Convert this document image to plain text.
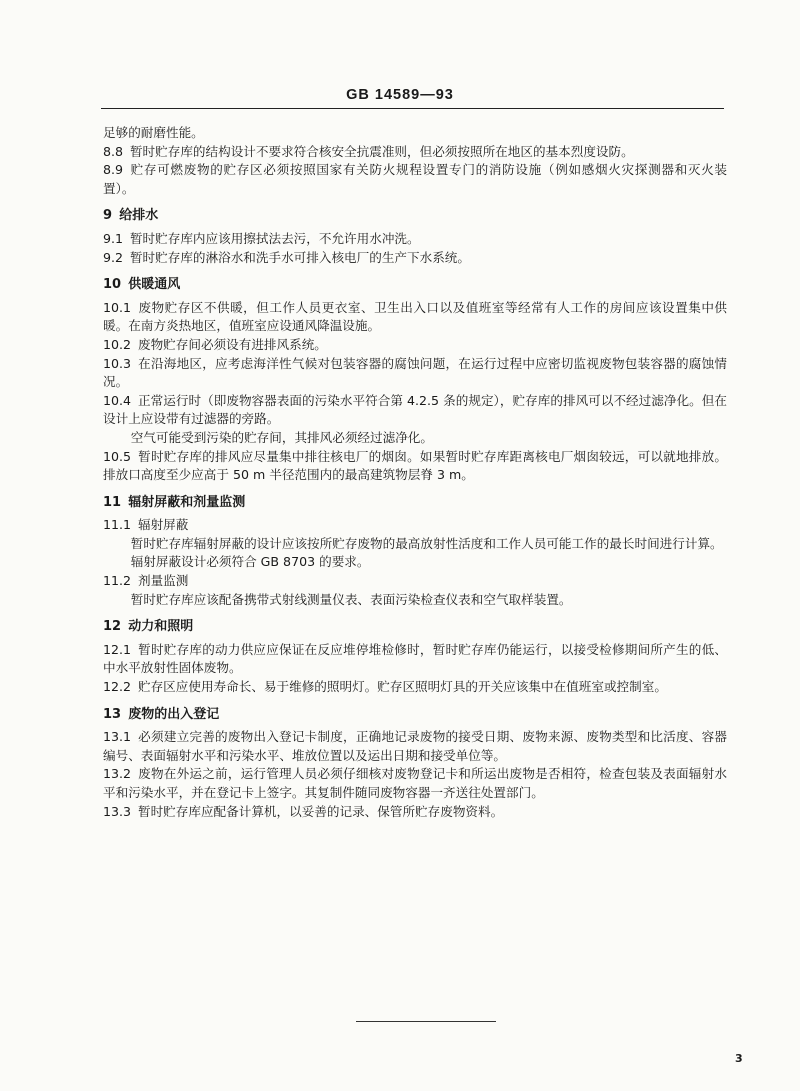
GB 14589—93
足够的耐磨性能。
8.8 暂时贮存库的结构设计不要求符合核安全抗震准则，但必须按照所在地区的基本烈度设防。
8.9 贮存可燃废物的贮存区必须按照国家有关防火规程设置专门的消防设施（例如感烟火灾探测器和灭火装置）。
9 给排水
9.1 暂时贮存库内应该用擦拭法去污，不允许用水冲洗。
9.2 暂时贮存库的淋浴水和洗手水可排入核电厂的生产下水系统。
10 供暖通风
10.1 废物贮存区不供暖，但工作人员更衣室、卫生出入口以及值班室等经常有人工作的房间应该设置集中供暖。在南方炎热地区，值班室应设通风降温设施。
10.2 废物贮存间必须设有进排风系统。
10.3 在沿海地区，应考虑海洋性气候对包装容器的腐蚀问题，在运行过程中应密切监视废物包装容器的腐蚀情况。
10.4 正常运行时（即废物容器表面的污染水平符合第 4.2.5 条的规定），贮存库的排风可以不经过滤净化。但在设计上应设带有过滤器的旁路。
空气可能受到污染的贮存间，其排风必须经过滤净化。
10.5 暂时贮存库的排风应尽量集中排往核电厂的烟囱。如果暂时贮存库距离核电厂烟囱较远，可以就地排放。排放口高度至少应高于 50 m 半径范围内的最高建筑物层脊 3 m。
11 辐射屏蔽和剂量监测
11.1 辐射屏蔽
暂时贮存库辐射屏蔽的设计应该按所贮存废物的最高放射性活度和工作人员可能工作的最长时间进行计算。
辐射屏蔽设计必须符合 GB 8703 的要求。
11.2 剂量监测
暂时贮存库应该配备携带式射线测量仪表、表面污染检查仪表和空气取样装置。
12 动力和照明
12.1 暂时贮存库的动力供应应保证在反应堆停堆检修时，暂时贮存库仍能运行，以接受检修期间所产生的低、中水平放射性固体废物。
12.2 贮存区应使用寿命长、易于维修的照明灯。贮存区照明灯具的开关应该集中在值班室或控制室。
13 废物的出入登记
13.1 必须建立完善的废物出入登记卡制度，正确地记录废物的接受日期、废物来源、废物类型和比活度、容器编号、表面辐射水平和污染水平、堆放位置以及运出日期和接受单位等。
13.2 废物在外运之前，运行管理人员必须仔细核对废物登记卡和所运出废物是否相符，检查包装及表面辐射水平和污染水平，并在登记卡上签字。其复制件随同废物容器一齐送往处置部门。
13.3 暂时贮存库应配备计算机，以妥善的记录、保管所贮存废物资料。
3
